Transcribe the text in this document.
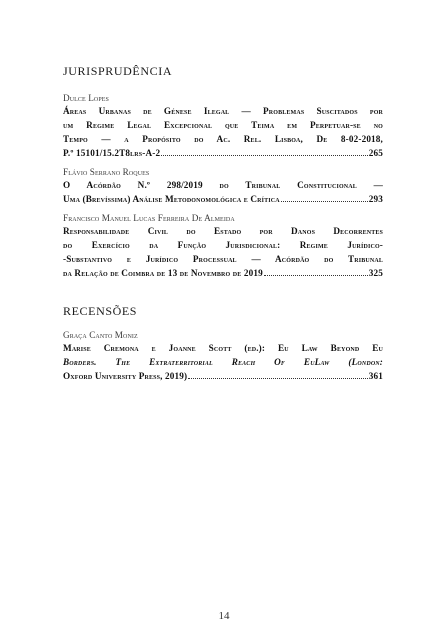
JURISPRUDÊNCIA
Dulce Lopes
Áreas Urbanas de Génese Ilegal — Problemas Suscitados por
um Regime Legal Excepcional que Teima em Perpetuar-se no
Tempo — a Propósito do Ac. Rel. Lisboa, De 8-02-2018,
P.º 15101/15.2T8lrs-A-2	265
Flávio Serrano Roques
O Acórdão N.º 298/2019 do Tribunal Constitucional —
Uma (Brevíssima) Análise Metodonomológica e Crítica	293
Francisco Manuel Lucas Ferreira De Almeida
Responsabilidade Civil do Estado por Danos Decorrentes
do Exercício da Função Jurisdicional: Regime Jurídico-
-Substantivo e Jurídico Processual — Acórdão do Tribunal
da Relação de Coimbra de 13 de Novembro de 2019	325
RECENSÕES
Graça Canto Moniz
Marise Cremona e Joanne Scott (ed.): Eu Law Beyond Eu
Borders. The Extraterritorial Reach Of EuLaw (London:
Oxford University Press, 2019)	361
14
